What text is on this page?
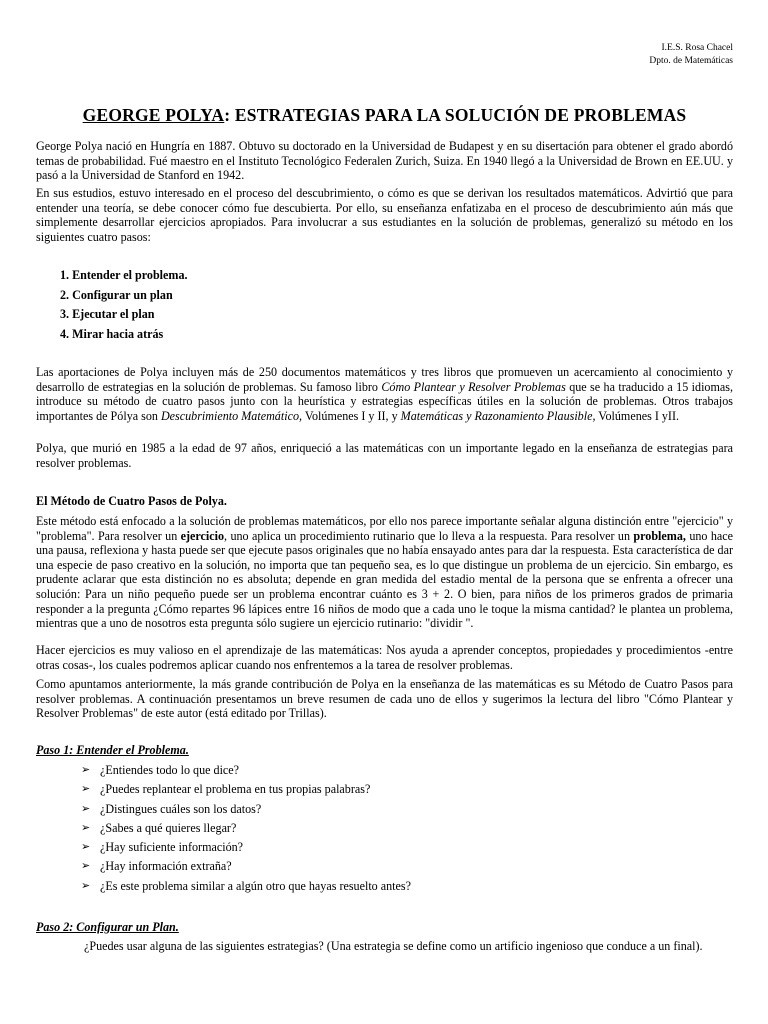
I.E.S. Rosa Chacel
Dpto. de Matemáticas
GEORGE POLYA: ESTRATEGIAS PARA LA SOLUCIÓN DE PROBLEMAS

George Polya nació en Hungría en 1887. Obtuvo su doctorado en la Universidad de Budapest y en su disertación para obtener el grado abordó temas de probabilidad. Fué maestro en el Instituto Tecnológico Federalen Zurich, Suiza. En 1940 llegó a la Universidad de Brown en EE.UU. y pasó a la Universidad de Stanford en 1942.

En sus estudios, estuvo interesado en el proceso del descubrimiento, o cómo es que se derivan los resultados matemáticos. Advirtió que para entender una teoría, se debe conocer cómo fue descubierta. Por ello, su enseñanza enfatizaba en el proceso de descubrimiento aún más que simplemente desarrollar ejercicios apropiados. Para involucrar a sus estudiantes en la solución de problemas, generalizó su método en los siguientes cuatro pasos:

1. Entender el problema.
2. Configurar un plan
3. Ejecutar el plan
4. Mirar hacia atrás

Las aportaciones de Polya incluyen más de 250 documentos matemáticos y tres libros que promueven un acercamiento al conocimiento y desarrollo de estrategias en la solución de problemas. Su famoso libro Cómo Plantear y Resolver Problemas que se ha traducido a 15 idiomas, introduce su método de cuatro pasos junto con la heurística y estrategias específicas útiles en la solución de problemas. Otros trabajos importantes de Pólya son Descubrimiento Matemático, Volúmenes I y II, y Matemáticas y Razonamiento Plausible, Volúmenes I yII.

Polya, que murió en 1985 a la edad de 97 años, enriqueció a las matemáticas con un importante legado en la enseñanza de estrategias para resolver problemas.

El Método de Cuatro Pasos de Polya.

Este método está enfocado a la solución de problemas matemáticos, por ello nos parece importante señalar alguna distinción entre "ejercicio" y "problema". Para resolver un ejercicio, uno aplica un procedimiento rutinario que lo lleva a la respuesta. Para resolver un problema, uno hace una pausa, reflexiona y hasta puede ser que ejecute pasos originales que no había ensayado antes para dar la respuesta. Esta característica de dar una especie de paso creativo en la solución, no importa que tan pequeño sea, es lo que distingue un problema de un ejercicio. Sin embargo, es prudente aclarar que esta distinción no es absoluta; depende en gran medida del estadio mental de la persona que se enfrenta a ofrecer una solución: Para un niño pequeño puede ser un problema encontrar cuánto es 3 + 2. O bien, para niños de los primeros grados de primaria responder a la pregunta ¿Cómo repartes 96 lápices entre 16 niños de modo que a cada uno le toque la misma cantidad? le plantea un problema, mientras que a uno de nosotros esta pregunta sólo sugiere un ejercicio rutinario: "dividir ".

Hacer ejercicios es muy valioso en el aprendizaje de las matemáticas: Nos ayuda a aprender conceptos, propiedades y procedimientos -entre otras cosas-, los cuales podremos aplicar cuando nos enfrentemos a la tarea de resolver problemas.

Como apuntamos anteriormente, la más grande contribución de Polya en la enseñanza de las matemáticas es su Método de Cuatro Pasos para resolver problemas. A continuación presentamos un breve resumen de cada uno de ellos y sugerimos la lectura del libro "Cómo Plantear y Resolver Problemas" de este autor (está editado por Trillas).

Paso 1: Entender el Problema.

➢ ¿Entiendes todo lo que dice?
➢ ¿Puedes replantear el problema en tus propias palabras?
➢ ¿Distingues cuáles son los datos?
➢ ¿Sabes a qué quieres llegar?
➢ ¿Hay suficiente información?
➢ ¿Hay información extraña?
➢ ¿Es este problema similar a algún otro que hayas resuelto antes?

Paso 2: Configurar un Plan.

¿Puedes usar alguna de las siguientes estrategias? (Una estrategia se define como un artificio ingenioso que conduce a un final).
